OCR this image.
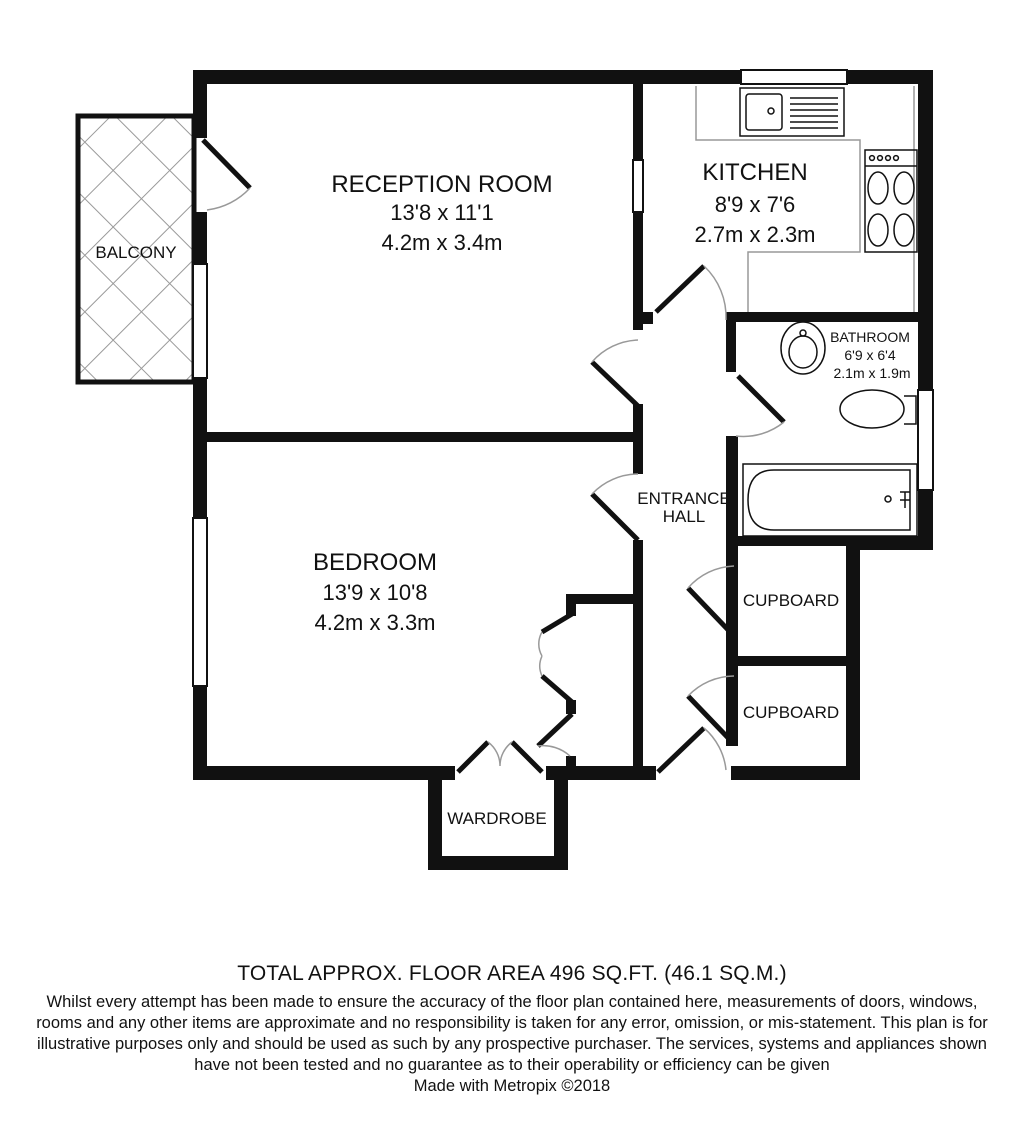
RECEPTION ROOM
13'8 x 11'1
4.2m x 3.4m
KITCHEN
8'9 x 7'6
2.7m x 2.3m
BATHROOM
6'9 x 6'4
2.1m x 1.9m
BEDROOM
13'9 x 10'8
4.2m x 3.3m
BALCONY
ENTRANCE
HALL
CUPBOARD
CUPBOARD
WARDROBE
TOTAL APPROX. FLOOR AREA 496 SQ.FT. (46.1 SQ.M.)
Whilst every attempt has been made to ensure the accuracy of the floor plan contained here, measurements of doors, windows, rooms and any other items are approximate and no responsibility is taken for any error, omission, or mis-statement. This plan is for illustrative purposes only and should be used as such by any prospective purchaser. The services, systems and appliances shown have not been tested and no guarantee as to their operability or efficiency can be given
Made with Metropix ©2018
